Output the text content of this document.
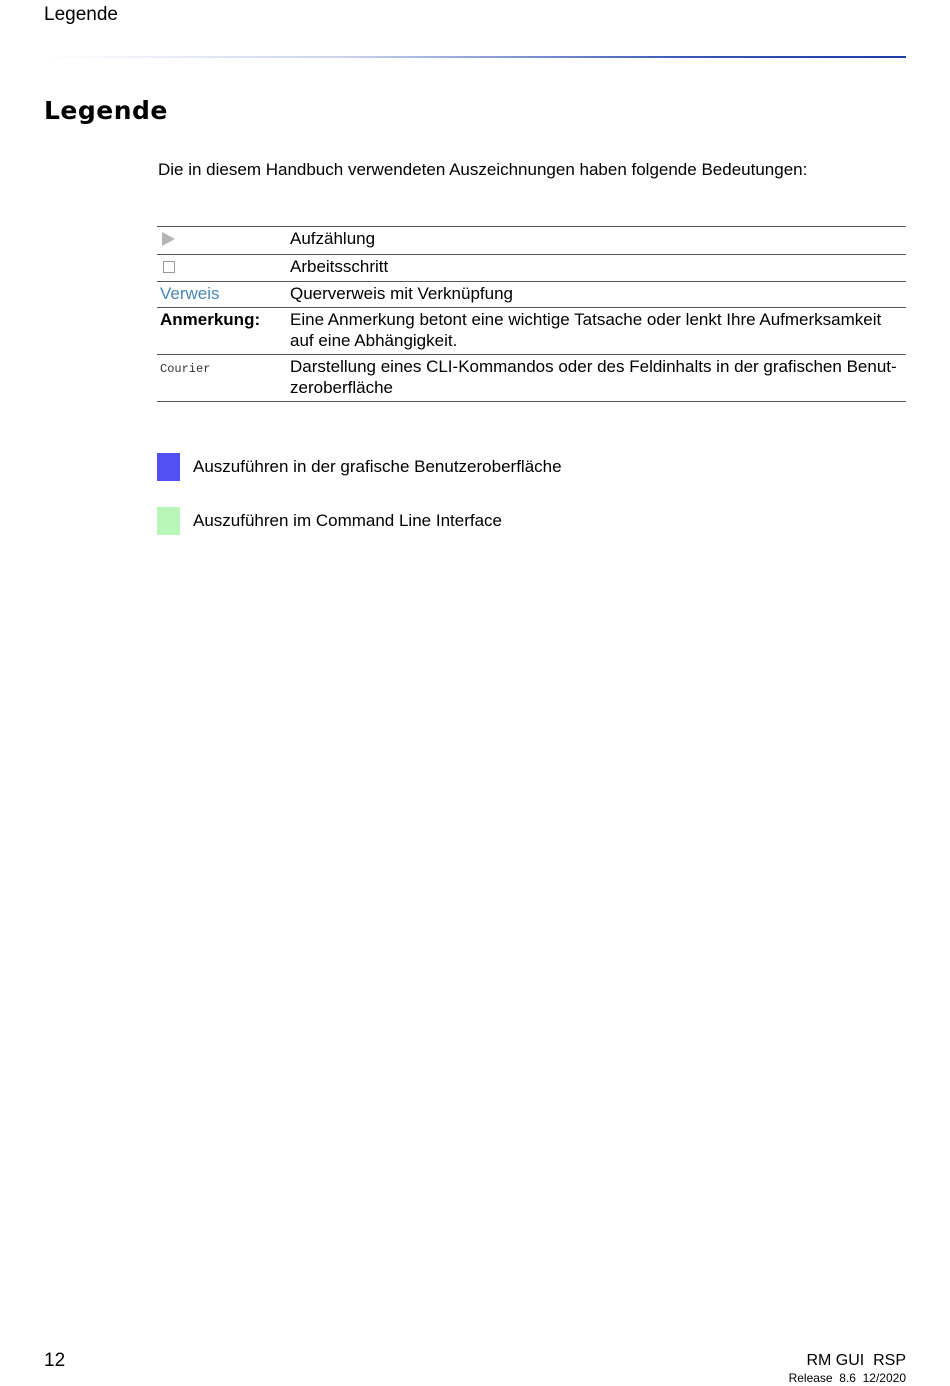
Legende
Legende

Die in diesem Handbuch verwendeten Auszeichnungen haben folgende Bedeutungen:

	Aufzählung
	Arbeitsschritt
Verweis	Querverweis mit Verknüpfung
Anmerkung:	Eine Anmerkung betont eine wichtige Tatsache oder lenkt Ihre Aufmerksamkeit auf eine Abhängigkeit.
Courier	Darstellung eines CLI-Kommandos oder des Feldinhalts in der grafischen Benutzeroberfläche
Auszuführen in der grafische Benutzeroberfläche
Auszuführen im Command Line Interface
12	RM GUI  RSP
Release  8.6  12/2020
